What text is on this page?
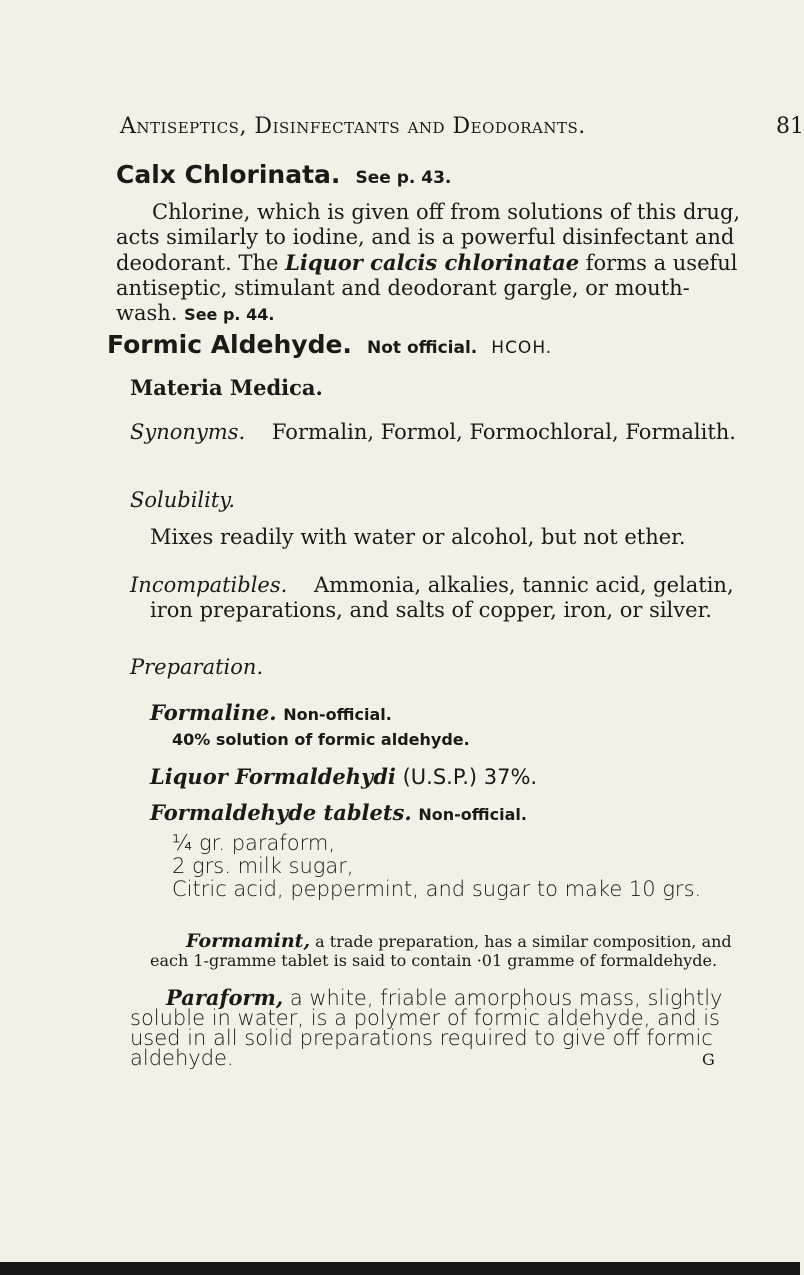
Antiseptics, Disinfectants and Deodorants.	81
Calx Chlorinata. See p. 43.
Chlorine, which is given off from solutions of this drug, acts similarly to iodine, and is a powerful disinfectant and deodorant. The Liquor calcis chlorinatae forms a useful antiseptic, stimulant and deodorant gargle, or mouth-wash. See p. 44.
Formic Aldehyde. Not official. HCOH.
Materia Medica.
Synonyms. Formalin, Formol, Formochloral, Formalith.
Solubility.
Mixes readily with water or alcohol, but not ether.
Incompatibles. Ammonia, alkalies, tannic acid, gelatin, iron preparations, and salts of copper, iron, or silver.
Preparation.
Formaline. Non-official.
40% solution of formic aldehyde.
Liquor Formaldehydi (U.S.P.) 37%.
Formaldehyde tablets. Non-official.
¼ gr. paraform,
2 grs. milk sugar,
Citric acid, peppermint, and sugar to make 10 grs.
Formamint, a trade preparation, has a similar composition, and each 1-gramme tablet is said to contain ·01 gramme of formaldehyde.
Paraform, a white, friable amorphous mass, slightly soluble in water, is a polymer of formic aldehyde, and is used in all solid preparations required to give off formic aldehyde.	G
